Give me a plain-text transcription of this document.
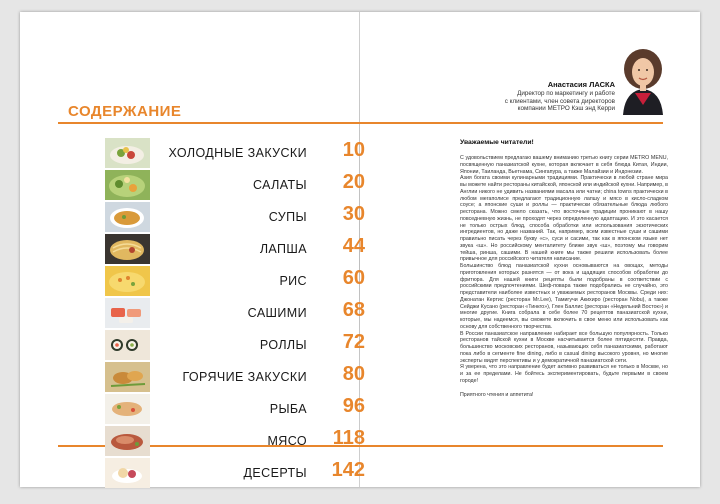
СОДЕРЖАНИЕ
ХОЛОДНЫЕ ЗАКУСКИ	10
САЛАТЫ	20
СУПЫ	30
ЛАПША	44
РИС	60
САШИМИ	68
РОЛЛЫ	72
ГОРЯЧИЕ ЗАКУСКИ	80
РЫБА	96
МЯСО	118
ДЕСЕРТЫ	142
Анастасия ЛАСКА
Директор по маркетингу и работе
с клиентами, член совета директоров
компании МЕТРО Кэш энд Керри
Уважаемые читатели!

С удовольствием предлагаю вашему вниманию третью книгу серии METRO MENU, посвященную паназиатской кухне, которая включает в себя блюда Китая, Индии, Японии, Таиланда, Вьетнама, Сингапура, а также Малайзии и Индонезии.

Азия богата своими кулинарными традициями. Практически в любой стране мира вы можете найти рестораны китайской, японской или индийской кухни. Например, в Англии никого не удивить названиями масала или чатни; china towns практически в любом мегаполисе предлагают традиционную лапшу и мясо в кисло-сладком соусе; а японские суши и роллы — практически обязательные блюда любого ресторана. Можно смело сказать, что восточные традиции проникают в нашу повседневную жизнь, не проходят через определенную адаптацию. И это касается не только острых блюд, способа обработки или использования экзотических ингредиентов, но даже названий. Так, например, всем известные суши и сашими правильно писать через букву «с», суси и сасими, так как в японском языке нет звука «ш». Но российскому менталитету ближе звук «ш», поэтому мы говорим тейша, ринша, сашими. В нашей книге мы также решили использовать более привычное для российского читателя написание.

Большинство блюд паназиатской кухни основываются на овощах, методы приготовления которых разнятся — от вока и щадящих способов обработки до фритюра. Для нашей книги рецепты были подобраны в соответствии с российскими предпочтениями. Шеф-повара также подобрались не случайно, это представители наиболее известных и уважаемых ресторанов Москвы. Среди них: Джонатан Кертис (ресторан Mr.Lee), Тамигучи Акихиро (ресторан Nobu), а также Сейджи Кусано (ресторан «Тинкго»), Глен Баллис (ресторан «Недельний Восток») и многие другие. Книга собрала в себе более 70 рецептов паназиатской кухни, которые, мы надеемся, вы сможете включить в свое меню или использовать как основу для собственного творчества.

В России паназиатское направление набирает все большую популярность. Только ресторанов тайской кухни в Москве насчитывается более пятидесяти. Правда, большинство московских ресторанов, называющих себя паназиатскими, работают пока либо в сегменте fine dining, либо в casual dining высокого уровня, но многие эксперты видят перспективы и у демократичной паназиатской сети.

Я уверена, что это направление будет активно развиваться не только в Москве, но и за ее пределами. Не бойтесь экспериментировать, будьте первыми в своем городе!

Приятного чтения и аппетита!
